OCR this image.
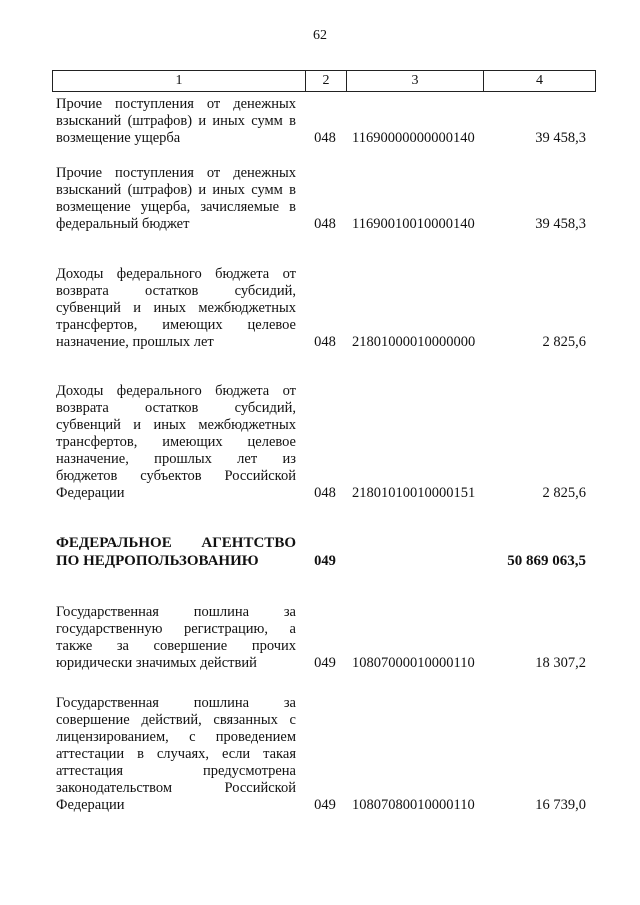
62
1	2	3	4
Прочие поступления от денежных
взысканий (штрафов) и иных сумм в
возмещение ущерба	048 11690000000000140	39 458,3
Прочие поступления от денежных
взысканий (штрафов) и иных сумм в
возмещение ущерба, зачисляемые в
федеральный бюджет	048 11690010010000140	39 458,3
Доходы федерального бюджета от
возврата остатков субсидий,
субвенций и иных межбюджетных
трансфертов, имеющих целевое
назначение, прошлых лет	048 21801000010000000	2 825,6
Доходы федерального бюджета от
возврата остатков субсидий,
субвенций и иных межбюджетных
трансфертов, имеющих целевое
назначение, прошлых лет из
бюджетов субъектов Российской
Федерации	048 21801010010000151	2 825,6
ФЕДЕРАЛЬНОЕ АГЕНТСТВО
ПО НЕДРОПОЛЬЗОВАНИЮ	049	50 869 063,5
Государственная пошлина за
государственную регистрацию, а
также за совершение прочих
юридически значимых действий	049 10807000010000110	18 307,2
Государственная пошлина за
совершение действий, связанных с
лицензированием, с проведением
аттестации в случаях, если такая
аттестация предусмотрена
законодательством Российской
Федерации	049 10807080010000110	16 739,0
